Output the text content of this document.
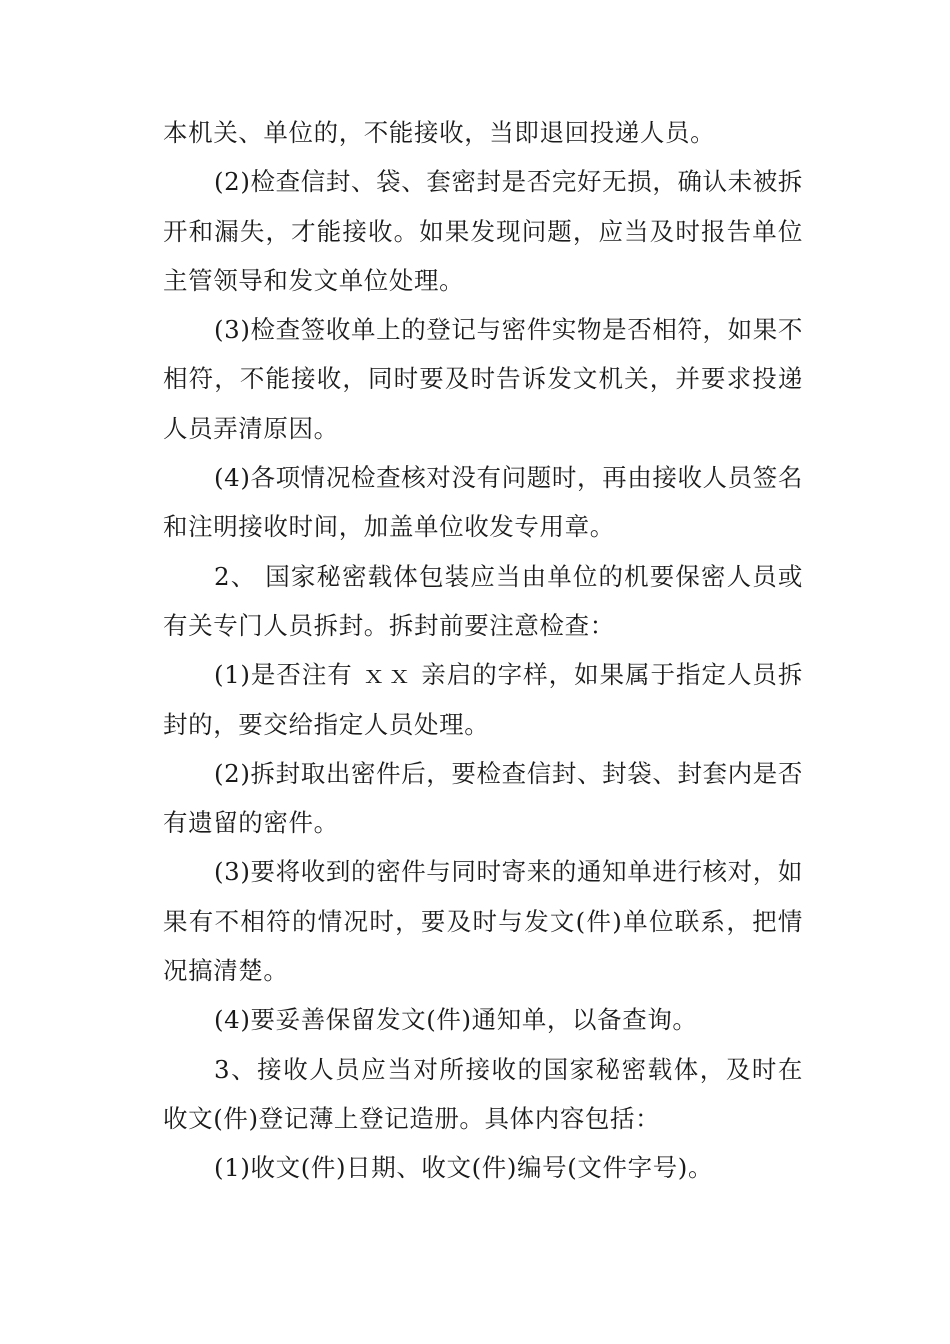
本机关、单位的，不能接收，当即退回投递人员。

(2)检查信封、袋、套密封是否完好无损，确认未被拆开和漏失，才能接收。如果发现问题，应当及时报告单位主管领导和发文单位处理。

(3)检查签收单上的登记与密件实物是否相符，如果不相符，不能接收，同时要及时告诉发文机关，并要求投递人员弄清原因。

(4)各项情况检查核对没有问题时，再由接收人员签名和注明接收时间，加盖单位收发专用章。

2、 国家秘密载体包装应当由单位的机要保密人员或有关专门人员拆封。拆封前要注意检查：

(1)是否注有 ｘｘ 亲启的字样，如果属于指定人员拆封的，要交给指定人员处理。

(2)拆封取出密件后，要检查信封、封袋、封套内是否有遗留的密件。

(3)要将收到的密件与同时寄来的通知单进行核对，如果有不相符的情况时，要及时与发文(件)单位联系，把情况搞清楚。

(4)要妥善保留发文(件)通知单，以备查询。

3、接收人员应当对所接收的国家秘密载体，及时在收文(件)登记薄上登记造册。具体内容包括：

(1)收文(件)日期、收文(件)编号(文件字号)。
